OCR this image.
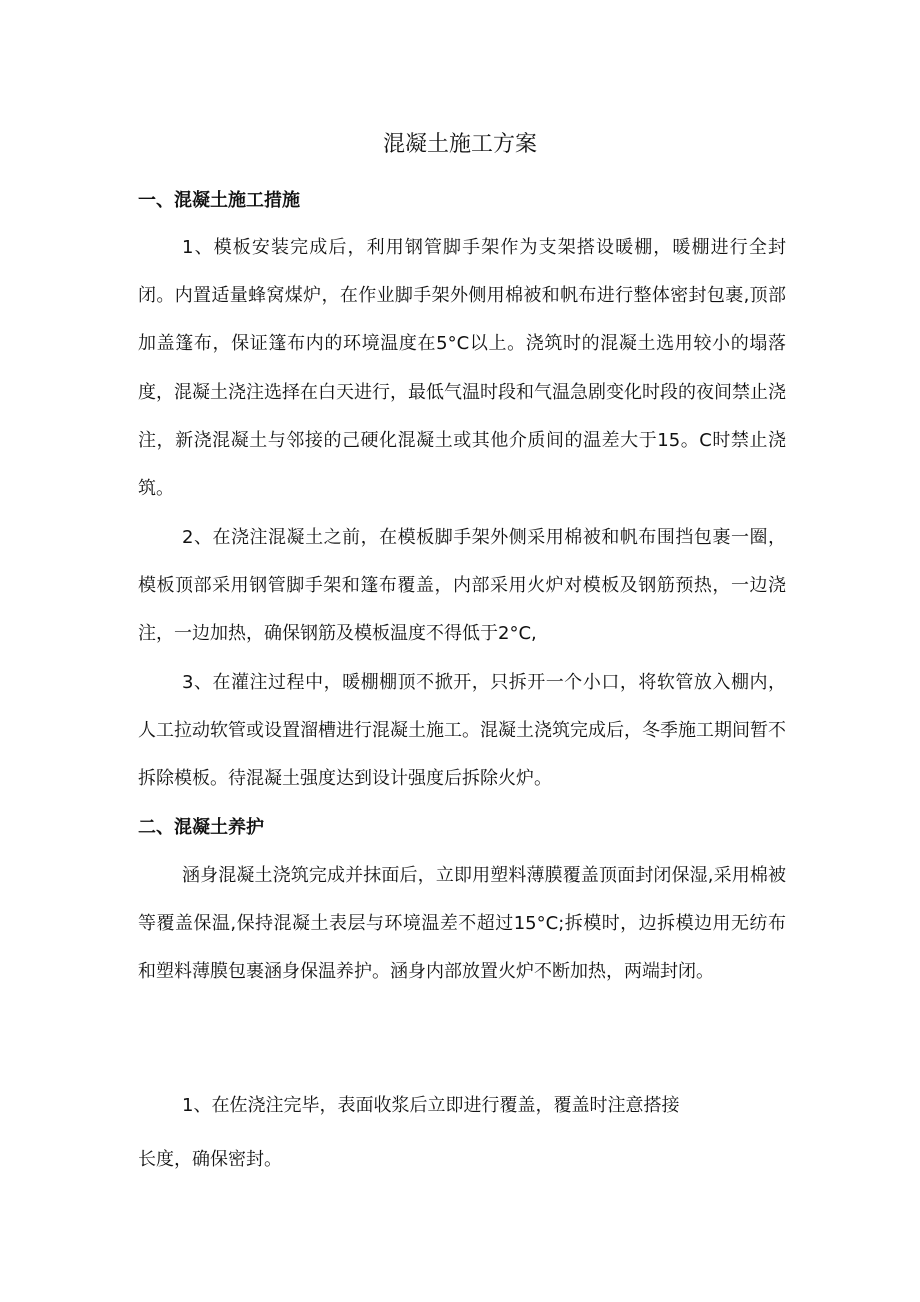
混凝土施工方案
一、混凝土施工措施

1、模板安装完成后，利用钢管脚手架作为支架搭设暖棚，暖棚进行全封闭。内置适量蜂窝煤炉，在作业脚手架外侧用棉被和帆布进行整体密封包裹,顶部加盖篷布，保证篷布内的环境温度在5°C以上。浇筑时的混凝土选用较小的塌落度，混凝土浇注选择在白天进行，最低气温时段和气温急剧变化时段的夜间禁止浇注，新浇混凝土与邻接的己硬化混凝土或其他介质间的温差大于15。C时禁止浇筑。

2、在浇注混凝土之前，在模板脚手架外侧采用棉被和帆布围挡包裹一圈，模板顶部采用钢管脚手架和篷布覆盖，内部采用火炉对模板及钢筋预热，一边浇注，一边加热，确保钢筋及模板温度不得低于2°C,

3、在灌注过程中，暖棚棚顶不掀开，只拆开一个小口，将软管放入棚内，人工拉动软管或设置溜槽进行混凝土施工。混凝土浇筑完成后，冬季施工期间暂不拆除模板。待混凝土强度达到设计强度后拆除火炉。

二、混凝土养护

涵身混凝土浇筑完成并抹面后，立即用塑料薄膜覆盖顶面封闭保湿,采用棉被等覆盖保温,保持混凝土表层与环境温差不超过15°C;拆模时，边拆模边用无纺布和塑料薄膜包裹涵身保温养护。涵身内部放置火炉不断加热，两端封闭。

1、在佐浇注完毕，表面收浆后立即进行覆盖，覆盖时注意搭接
长度，确保密封。
